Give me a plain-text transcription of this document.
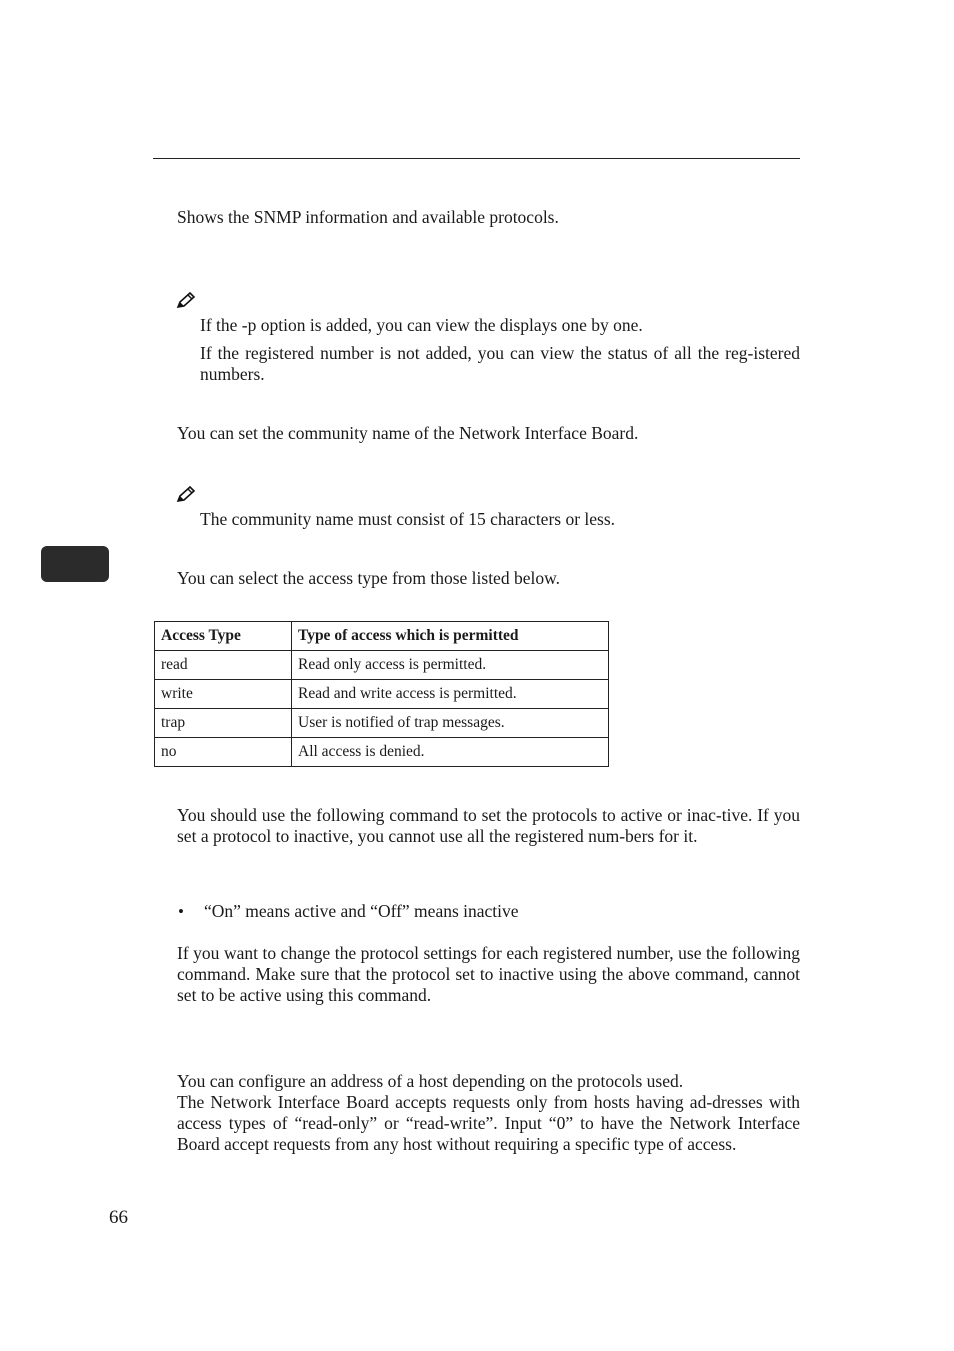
Shows the SNMP information and available protocols.
If the -p option is added, you can view the displays one by one.
If the registered number is not added, you can view the status of all the reg-istered numbers.
You can set the community name of the Network Interface Board.
The community name must consist of 15 characters or less.
You can select the access type from those listed below.
Access Type	Type of access which is permitted
read	Read only access is permitted.
write	Read and write access is permitted.
trap	User is notified of trap messages.
no	All access is denied.
You should use the following command to set the protocols to active or inac-tive. If you set a protocol to inactive, you cannot use all the registered num-bers for it.
• “On” means active and “Off” means inactive
If you want to change the protocol settings for each registered number, use the following command. Make sure that the protocol set to inactive using the above command, cannot set to be active using this command.
You can configure an address of a host depending on the protocols used.
The Network Interface Board accepts requests only from hosts having ad-dresses with access types of “read-only” or “read-write”. Input “0” to have the Network Interface Board accept requests from any host without requiring a specific type of access.
66
